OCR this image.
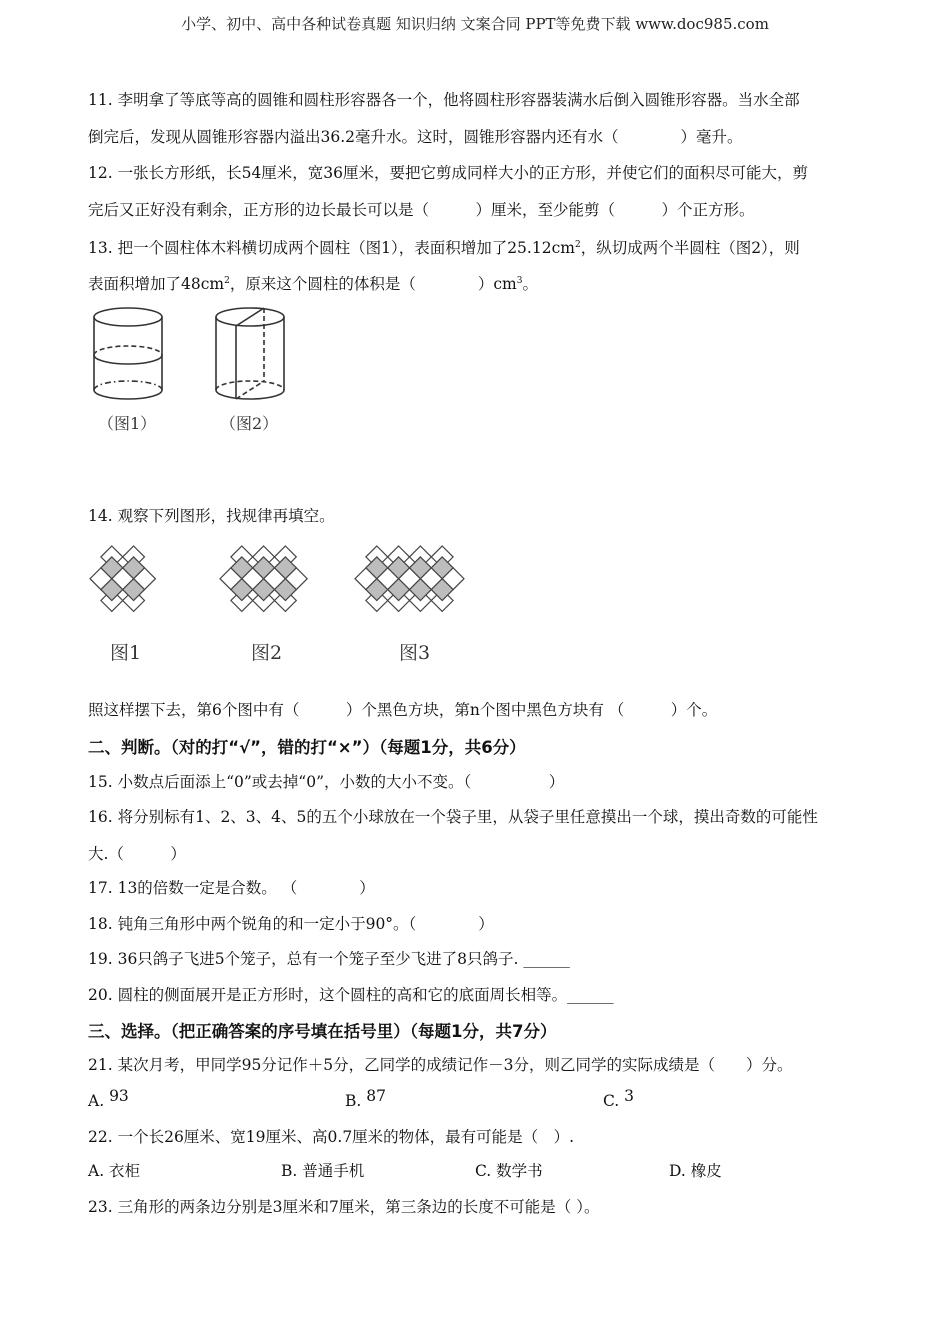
小学、初中、高中各种试卷真题 知识归纳 文案合同 PPT等免费下载 www.doc985.com
11. 李明拿了等底等高的圆锥和圆柱形容器各一个，他将圆柱形容器装满水后倒入圆锥形容器。当水全部
倒完后，发现从圆锥形容器内溢出36.2毫升水。这时，圆锥形容器内还有水（　　　　）毫升。
12. 一张长方形纸，长54厘米，宽36厘米，要把它剪成同样大小的正方形，并使它们的面积尽可能大，剪
完后又正好没有剩余，正方形的边长最长可以是（　　　）厘米，至少能剪（　　　）个正方形。
13. 把一个圆柱体木料横切成两个圆柱（图1），表面积增加了$25.12cm^2$，纵切成两个半圆柱（图2），则
表面积增加了$48cm^2$，原来这个圆柱的体积是（　　　　）$cm^3$。
（图1）	（图2）
14. 观察下列图形，找规律再填空。
图1	图2	图3
照这样摆下去，第6个图中有（　　　）个黑色方块，第n个图中黑色方块有 （　　　）个。
二、判断。（对的打“√”，错的打“×”）（每题1分，共6分）
15. 小数点后面添上“0”或去掉“0”，小数的大小不变。（　　　　　）
16. 将分别标有1、2、3、4、5的五个小球放在一个袋子里，从袋子里任意摸出一个球，摸出奇数的可能性
大.（　　　）
17. 13的倍数一定是合数。 （　　　　）
18. 钝角三角形中两个锐角的和一定小于90°。（　　　　）
19. 36只鸽子飞进5个笼子，总有一个笼子至少飞进了8只鸽子. ______
20. 圆柱的侧面展开是正方形时，这个圆柱的高和它的底面周长相等。______
三、选择。（把正确答案的序号填在括号里）（每题1分，共7分）
21. 某次月考，甲同学95分记作＋5分，乙同学的成绩记作－3分，则乙同学的实际成绩是（　　）分。
A. 93	B. 87	C. 3
22. 一个长26厘米、宽19厘米、高0.7厘米的物体，最有可能是（　）.
A. 衣柜	B. 普通手机	C. 数学书	D. 橡皮
23. 三角形的两条边分别是3厘米和7厘米，第三条边的长度不可能是（ ）。
